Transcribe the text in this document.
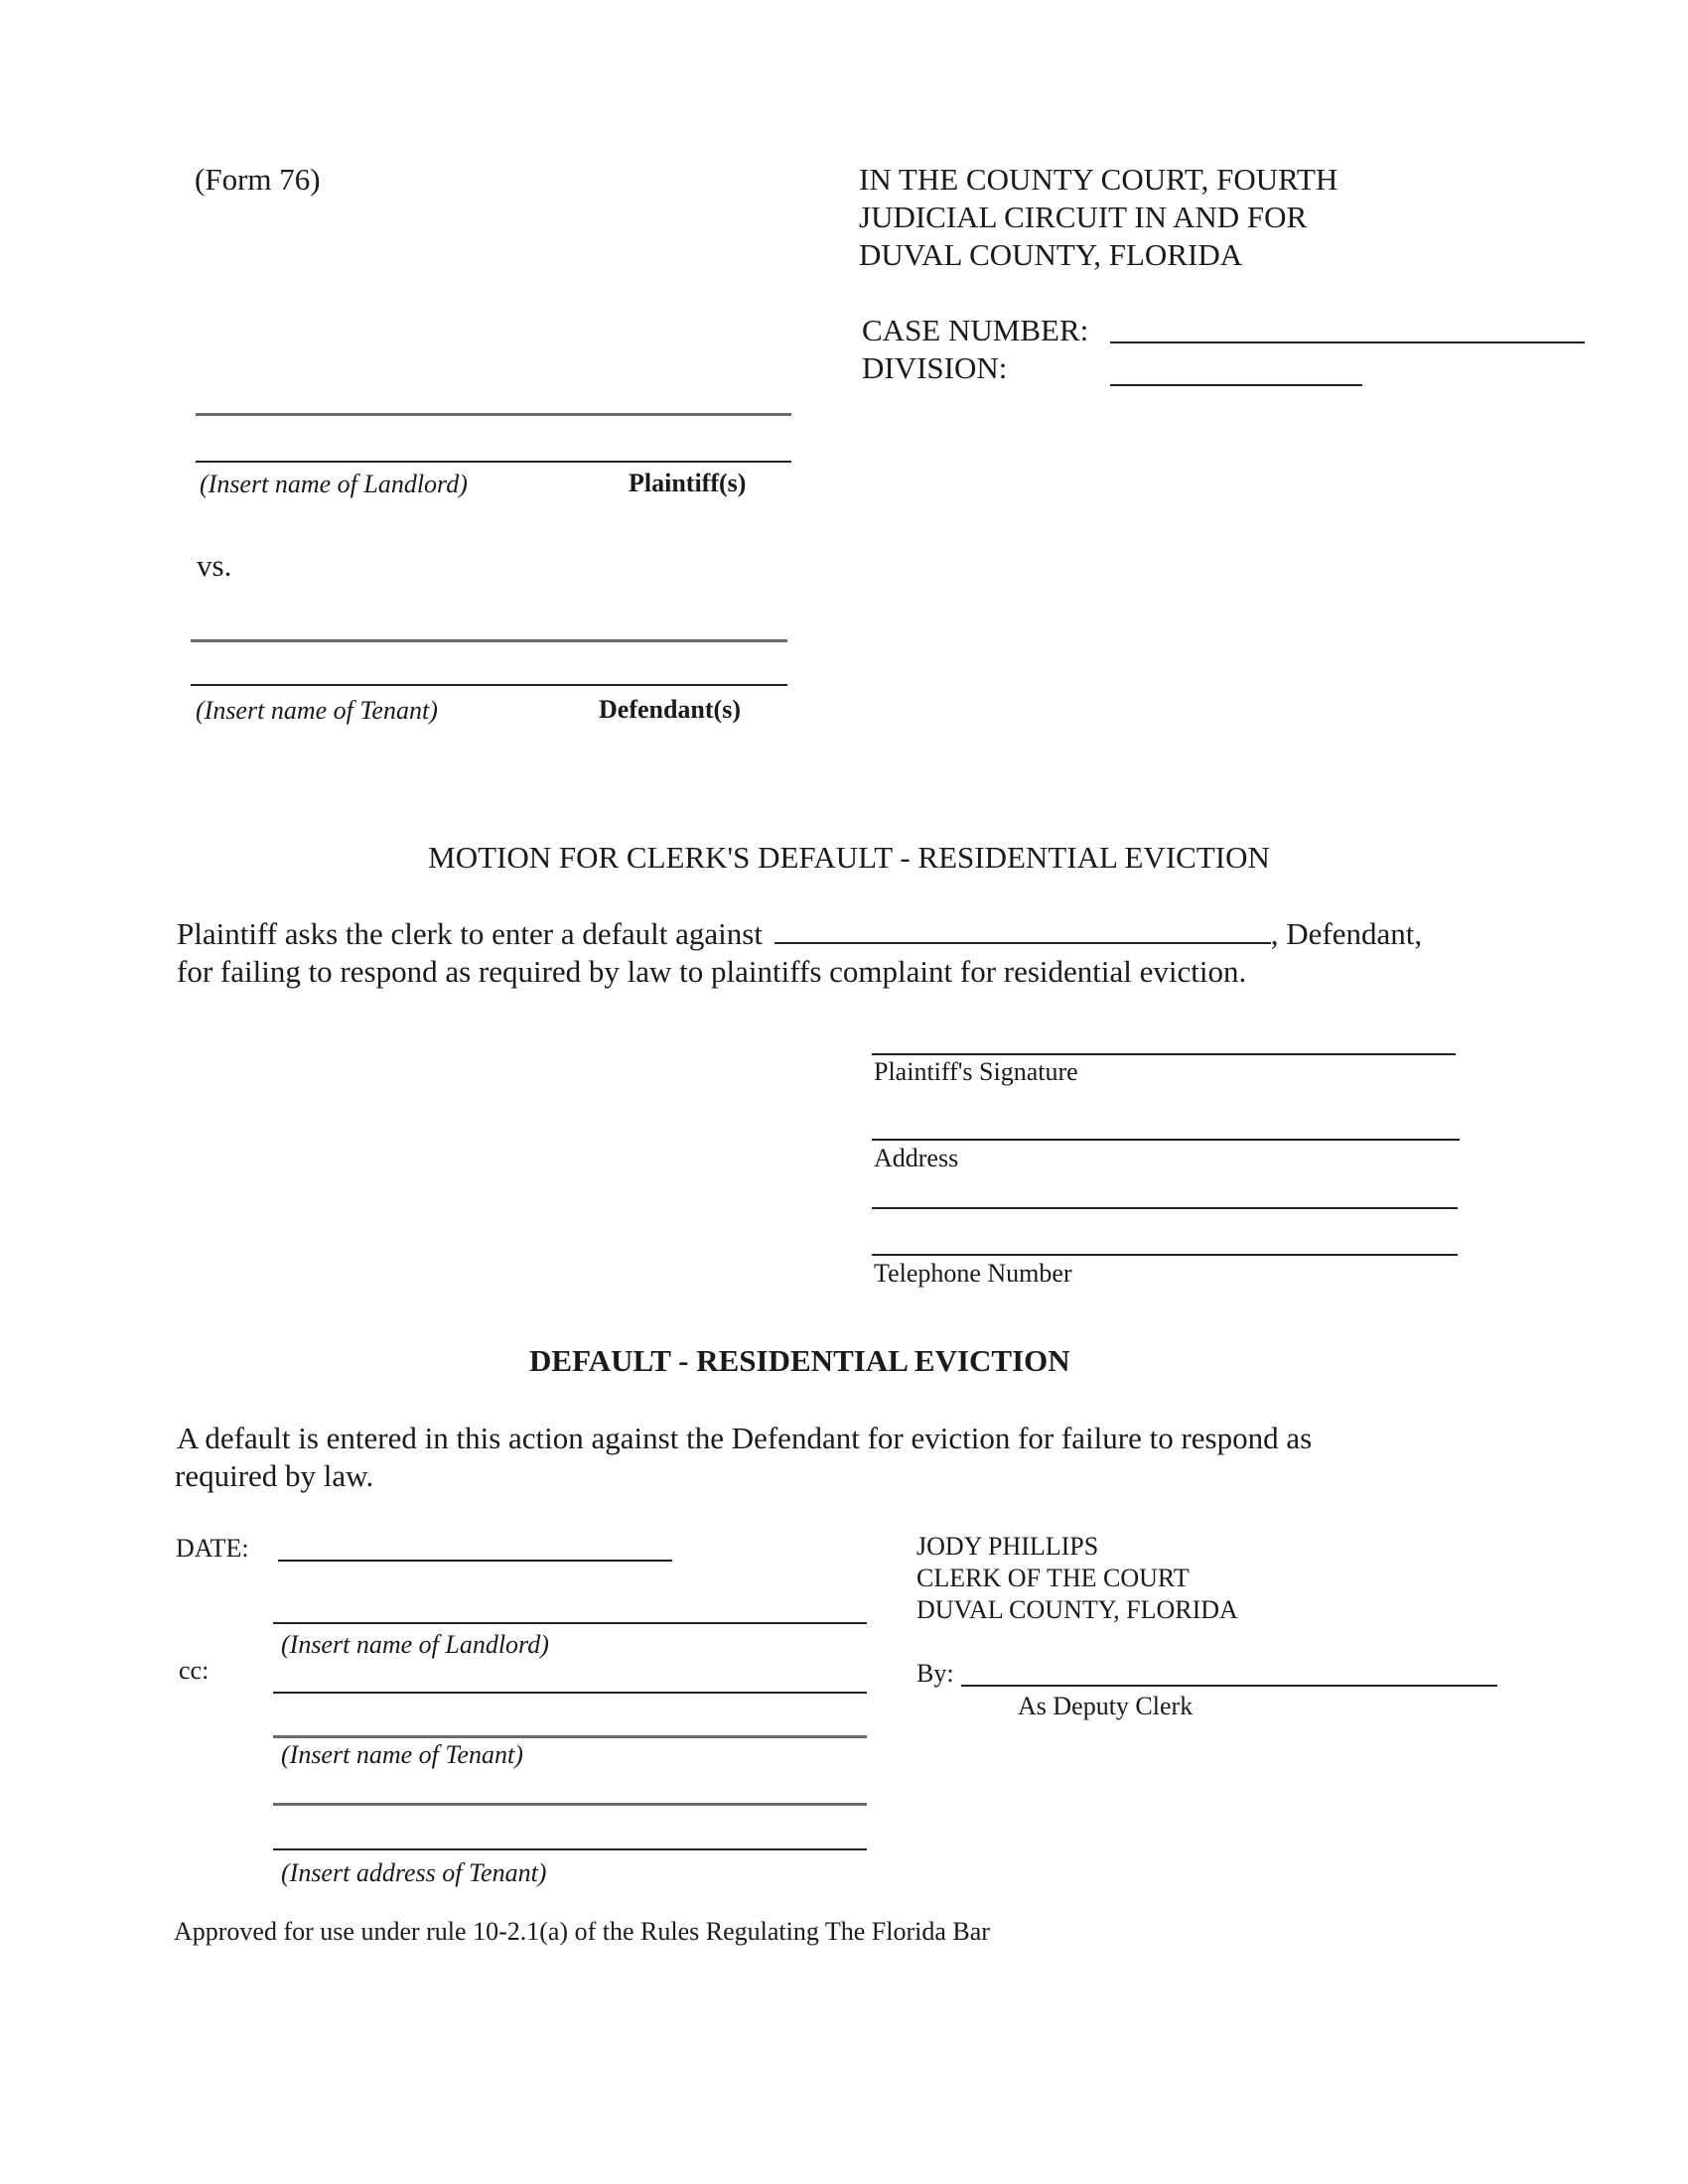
(Form 76)	IN THE COUNTY COURT, FOURTH
JUDICIAL CIRCUIT IN AND FOR
DUVAL COUNTY, FLORIDA
CASE NUMBER:
DIVISION:
(Insert name of Landlord)	Plaintiff(s)
vs.
(Insert name of Tenant)	Defendant(s)
MOTION FOR CLERK'S DEFAULT - RESIDENTIAL EVICTION
Plaintiff asks the clerk to enter a default against	, Defendant,
for failing to respond as required by law to plaintiffs complaint for residential eviction.
Plaintiff's Signature
Address
Telephone Number
DEFAULT - RESIDENTIAL EVICTION
A default is entered in this action against the Defendant for eviction for failure to respond as
required by law.
DATE:	JODY PHILLIPS
CLERK OF THE COURT
DUVAL COUNTY, FLORIDA
By:
As Deputy Clerk
(Insert name of Landlord)
cc:
(Insert name of Tenant)
(Insert address of Tenant)
Approved for use under rule 10-2.1(a) of the Rules Regulating The Florida Bar
